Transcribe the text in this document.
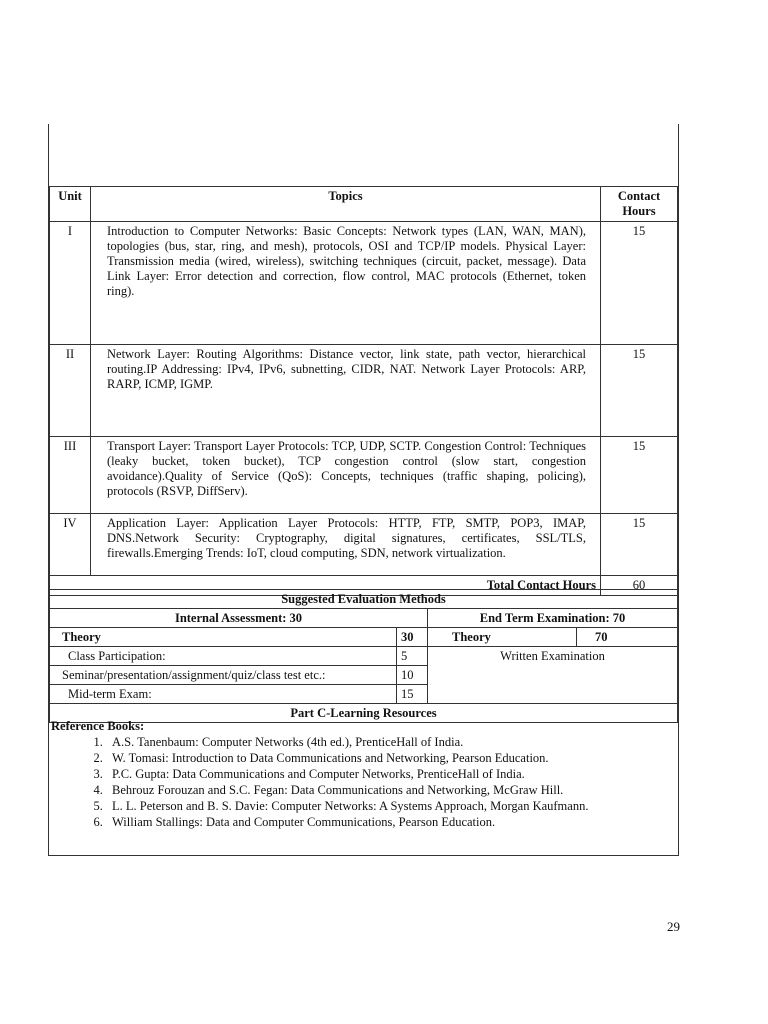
Unit	Topics	Contact Hours
I	Introduction to Computer Networks: Basic Concepts: Network types (LAN, WAN, MAN), topologies (bus, star, ring, and mesh), protocols, OSI and TCP/IP models. Physical Layer: Transmission media (wired, wireless), switching techniques (circuit, packet, message). Data Link Layer: Error detection and correction, flow control, MAC protocols (Ethernet, token ring).	15
II	Network Layer: Routing Algorithms: Distance vector, link state, path vector, hierarchical routing.IP Addressing: IPv4, IPv6, subnetting, CIDR, NAT. Network Layer Protocols: ARP, RARP, ICMP, IGMP.	15
III	Transport Layer: Transport Layer Protocols: TCP, UDP, SCTP. Congestion Control: Techniques (leaky bucket, token bucket), TCP congestion control (slow start, congestion avoidance).Quality of Service (QoS): Concepts, techniques (traffic shaping, policing), protocols (RSVP, DiffServ).	15
IV	Application Layer: Application Layer Protocols: HTTP, FTP, SMTP, POP3, IMAP, DNS.Network Security: Cryptography, digital signatures, certificates, SSL/TLS, firewalls.Emerging Trends: IoT, cloud computing, SDN, network virtualization.	15
Total Contact Hours		60
Suggested Evaluation Methods			
Internal Assessment: 30		End Term Examination: 70	
Theory	30	Theory	70
Class Participation:	5	Written Examination	
Seminar/presentation/assignment/quiz/class test etc.:	10		
Mid-term Exam:	15		
Part C-Learning Resources			
Reference Books:
1. A.S. Tanenbaum: Computer Networks (4th ed.), PrenticeHall of India.
2. W. Tomasi: Introduction to Data Communications and Networking, Pearson Education.
3. P.C. Gupta: Data Communications and Computer Networks, PrenticeHall of India.
4. Behrouz Forouzan and S.C. Fegan: Data Communications and Networking, McGraw Hill.
5. L. L. Peterson and B. S. Davie: Computer Networks: A Systems Approach, Morgan Kaufmann.
6. William Stallings: Data and Computer Communications, Pearson Education.
29
